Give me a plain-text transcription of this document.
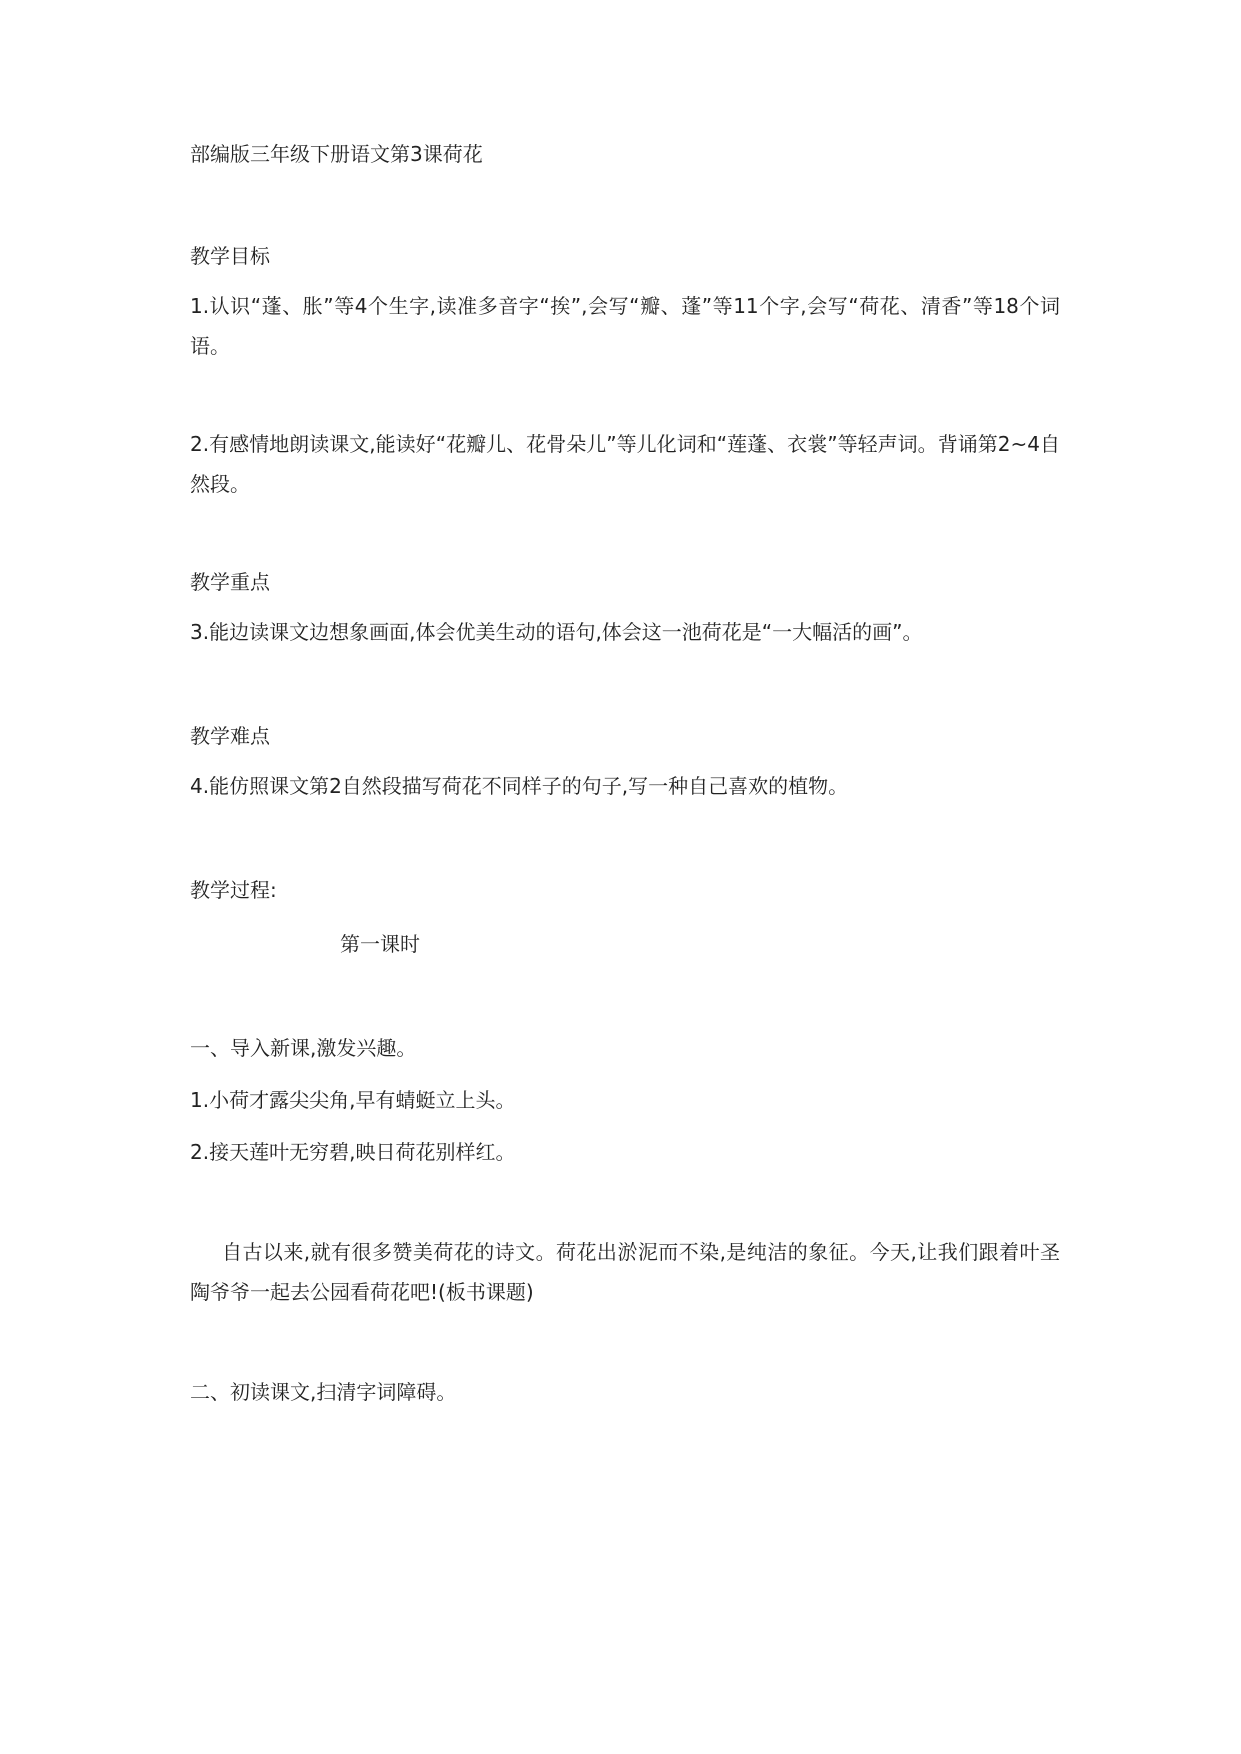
部编版三年级下册语文第3课荷花
教学目标
1.认识“蓬、胀”等4个生字,读准多音字“挨”,会写“瓣、蓬”等11个字,会写“荷花、清香”等18个词语。
2.有感情地朗读课文,能读好“花瓣儿、花骨朵儿”等儿化词和“莲蓬、衣裳”等轻声词。背诵第2~4自然段。
教学重点
3.能边读课文边想象画面,体会优美生动的语句,体会这一池荷花是“一大幅活的画”。
教学难点
4.能仿照课文第2自然段描写荷花不同样子的句子,写一种自己喜欢的植物。
教学过程:
第一课时
一、导入新课,激发兴趣。
1.小荷才露尖尖角,早有蜻蜓立上头。
2.接天莲叶无穷碧,映日荷花别样红。
自古以来,就有很多赞美荷花的诗文。荷花出淤泥而不染,是纯洁的象征。今天,让我们跟着叶圣陶爷爷一起去公园看荷花吧!(板书课题)
二、初读课文,扫清字词障碍。
